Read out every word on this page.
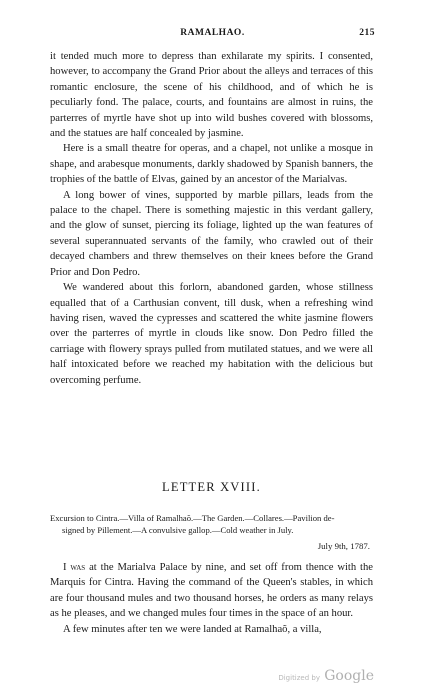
RAMALHAO.	215

it tended much more to depress than exhilarate my spirits. I consented, however, to accompany the Grand Prior about the alleys and terraces of this romantic enclosure, the scene of his childhood, and of which he is peculiarly fond. The palace, courts, and fountains are almost in ruins, the parterres of myrtle have shot up into wild bushes covered with blossoms, and the statues are half concealed by jasmine.

Here is a small theatre for operas, and a chapel, not unlike a mosque in shape, and arabesque monuments, darkly shadowed by Spanish banners, the trophies of the battle of Elvas, gained by an ancestor of the Marialvas.

A long bower of vines, supported by marble pillars, leads from the palace to the chapel. There is something majestic in this verdant gallery, and the glow of sunset, piercing its foliage, lighted up the wan features of several superannuated servants of the family, who crawled out of their decayed chambers and threw themselves on their knees before the Grand Prior and Don Pedro.

We wandered about this forlorn, abandoned garden, whose stillness equalled that of a Carthusian convent, till dusk, when a refreshing wind having risen, waved the cypresses and scattered the white jasmine flowers over the parterres of myrtle in clouds like snow. Don Pedro filled the carriage with flowery sprays pulled from mutilated statues, and we were all half intoxicated before we reached my habitation with the delicious but overcoming perfume.

LETTER XVIII.

Excursion to Cintra.—Villa of Ramalhaõ.—The Garden.—Collares.—Pavilion de-

signed by Pillement.—A convulsive gallop.—Cold weather in July.

July 9th, 1787.

I was at the Marialva Palace by nine, and set off from thence with the Marquis for Cintra. Having the command of the Queen's stables, in which are four thousand mules and two thousand horses, he orders as many relays as he pleases, and we changed mules four times in the space of an hour.

A few minutes after ten we were landed at Ramalhaõ, a villa,

Digitized by Google
